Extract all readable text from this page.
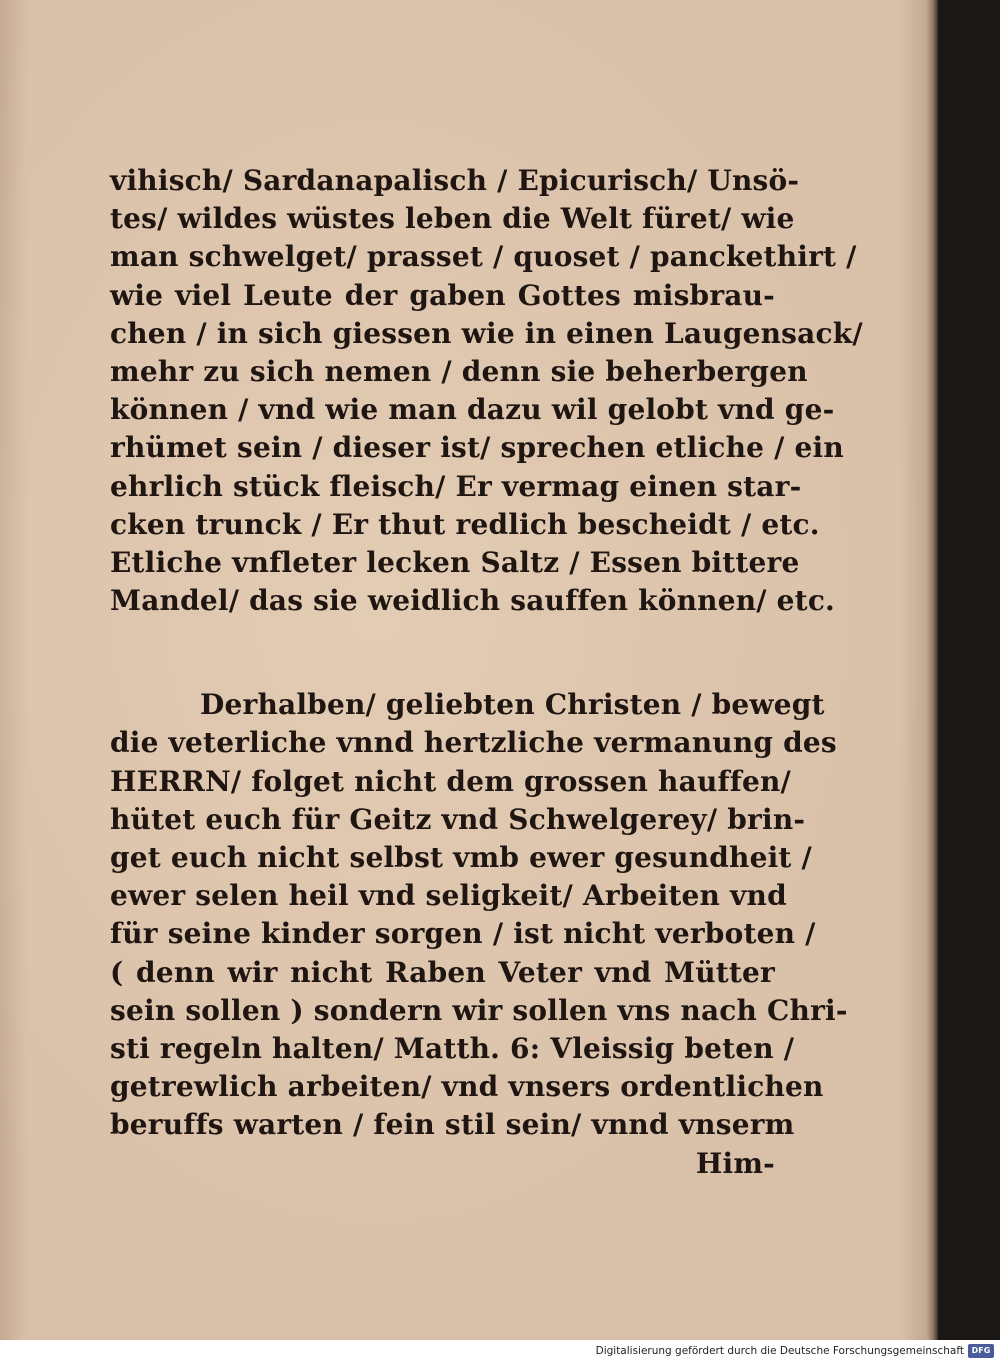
vihisch/ Sardanapalisch / Epicurisch/ Unsö-
tes/ wildes wüstes leben die Welt füret/ wie
man schwelget/ prasset / quoset / panckethirt /
wie viel Leute der gaben Gottes misbrau-
chen / in sich giessen wie in einen Laugensack/
mehr zu sich nemen / denn sie beherbergen
können / vnd wie man dazu wil gelobt vnd ge-
rhümet sein / dieser ist/ sprechen etliche / ein
ehrlich stück fleisch/ Er vermag einen star-
cken trunck / Er thut redlich bescheidt / etc.
Etliche vnfleter lecken Saltz / Essen bittere
Mandel/ das sie weidlich sauffen können/ etc.
Derhalben/ geliebten Christen / bewegt
die veterliche vnnd hertzliche vermanung des
HERRN/ folget nicht dem grossen hauffen/
hütet euch für Geitz vnd Schwelgerey/ brin-
get euch nicht selbst vmb ewer gesundheit /
ewer selen heil vnd seligkeit/ Arbeiten vnd
für seine kinder sorgen / ist nicht verboten /
( denn wir nicht Raben Veter vnd Mütter
sein sollen ) sondern wir sollen vns nach Chri-
sti regeln halten/ Matth. 6: Vleissig beten /
getrewlich arbeiten/ vnd vnsers ordentlichen
beruffs warten / fein stil sein/ vnnd vnserm
Him-
Digitalisierung gefördert durch die Deutsche Forschungsgemeinschaft DFG
